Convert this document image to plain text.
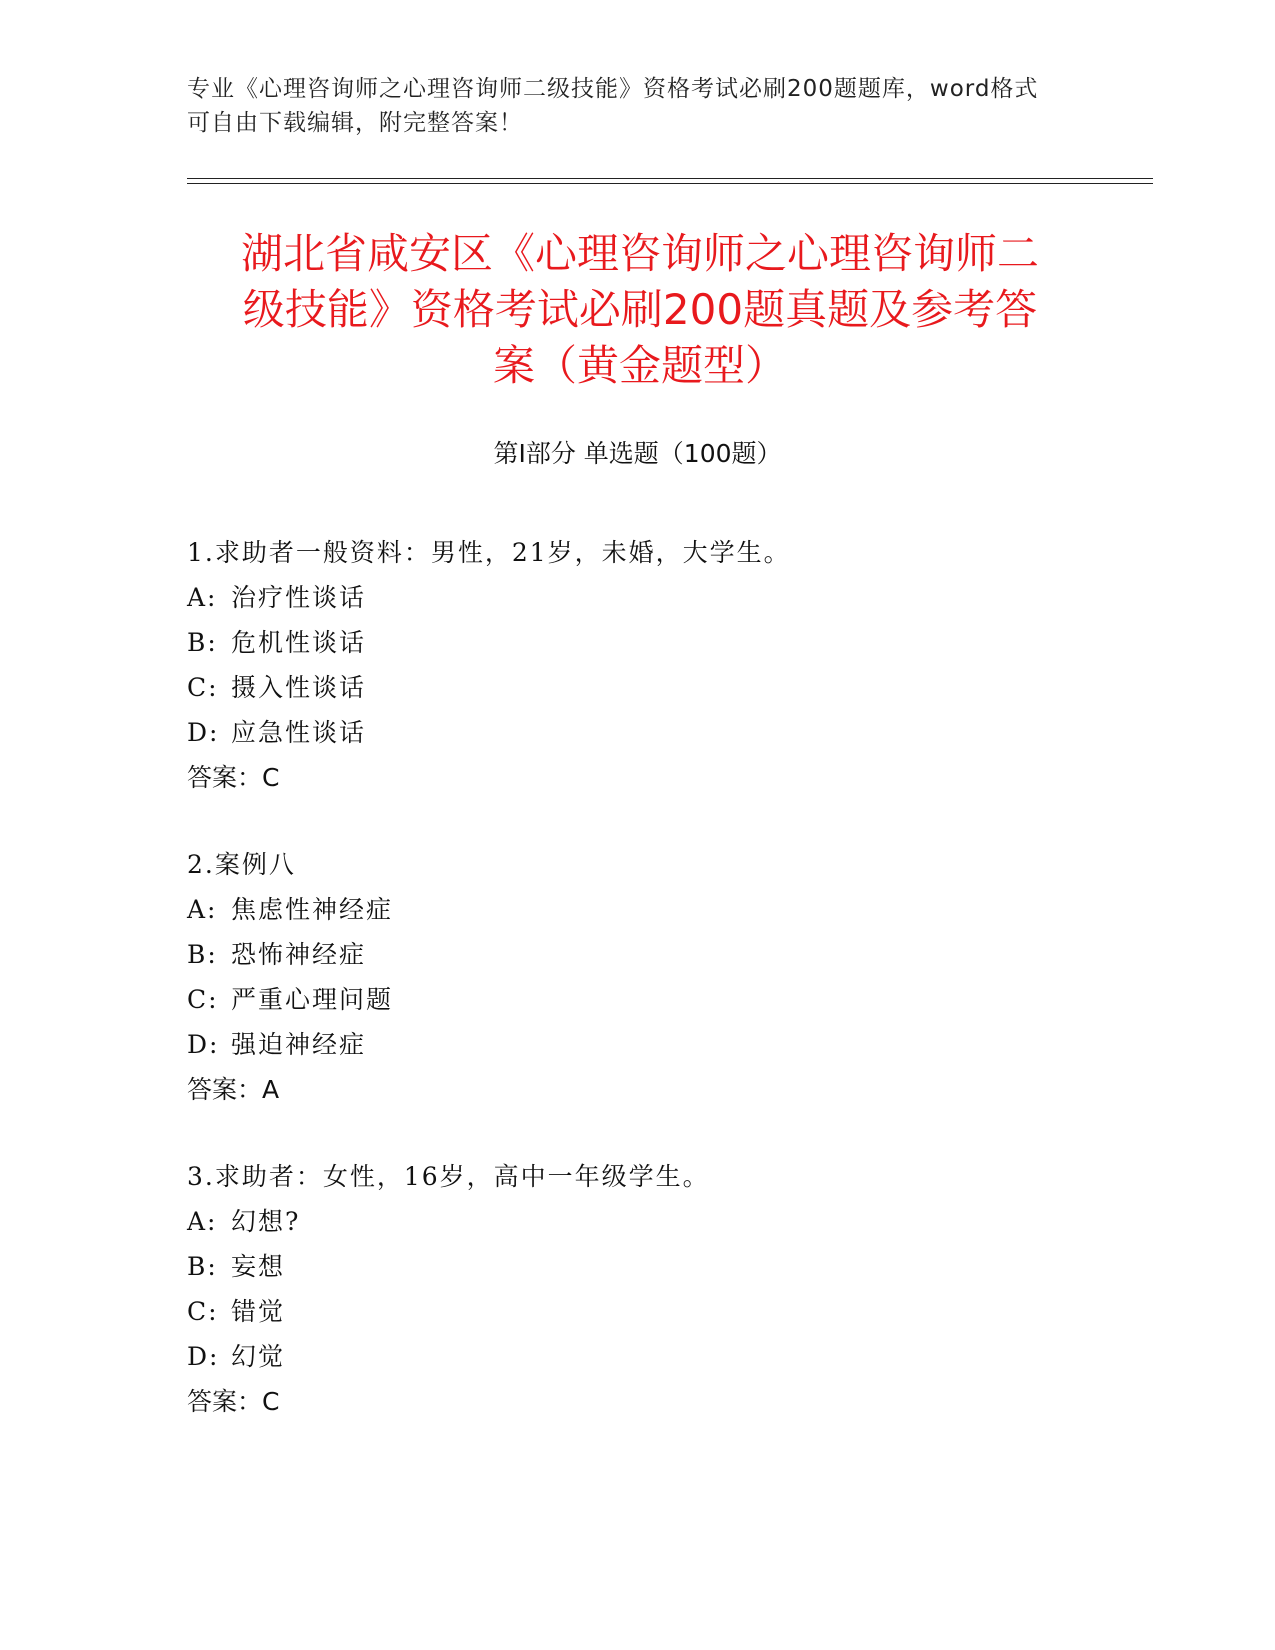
专业《心理咨询师之心理咨询师二级技能》资格考试必刷200题题库，word格式
可自由下载编辑，附完整答案！
湖北省咸安区《心理咨询师之心理咨询师二
级技能》资格考试必刷200题真题及参考答
案（黄金题型）
第Ⅰ部分 单选题（100题）
1.求助者一般资料：男性，21岁，未婚，大学生。
A: 治疗性谈话
B: 危机性谈话
C: 摄入性谈话
D: 应急性谈话
答案：C
2.案例八
A: 焦虑性神经症
B: 恐怖神经症
C: 严重心理问题
D: 强迫神经症
答案：A
3.求助者：女性，16岁，高中一年级学生。
A: 幻想?
B: 妄想
C: 错觉
D: 幻觉
答案：C
